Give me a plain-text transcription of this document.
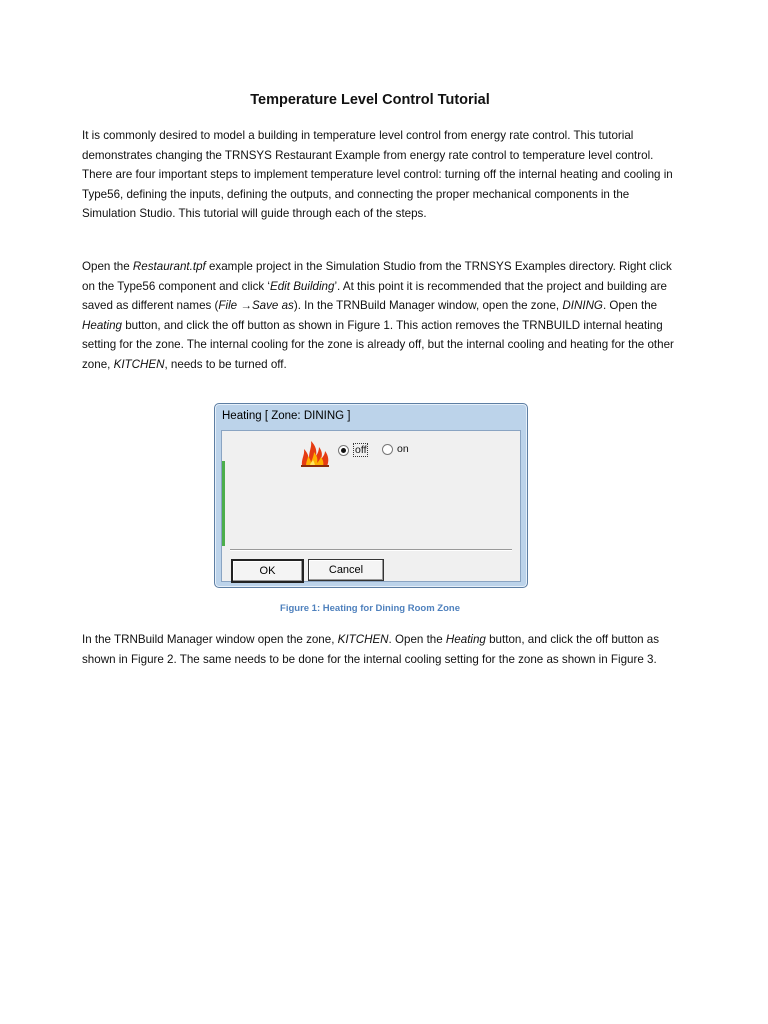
Temperature Level Control Tutorial
It is commonly desired to model a building in temperature level control from energy rate control. This tutorial demonstrates changing the TRNSYS Restaurant Example from energy rate control to temperature level control. There are four important steps to implement temperature level control: turning off the internal heating and cooling in Type56, defining the inputs, defining the outputs, and connecting the proper mechanical components in the Simulation Studio. This tutorial will guide through each of the steps.
Open the Restaurant.tpf example project in the Simulation Studio from the TRNSYS Examples directory. Right click on the Type56 component and click ‘Edit Building’. At this point it is recommended that the project and building are saved as different names (File →Save as). In the TRNBuild Manager window, open the zone, DINING. Open the Heating button, and click the off button as shown in Figure 1. This action removes the TRNBUILD internal heating setting for the zone. The internal cooling for the zone is already off, but the internal cooling and heating for the other zone, KITCHEN, needs to be turned off.
Heating [ Zone: DINING ]
off	on
OK	Cancel
Figure 1: Heating for Dining Room Zone
In the TRNBuild Manager window open the zone, KITCHEN. Open the Heating button, and click the off button as shown in Figure 2. The same needs to be done for the internal cooling setting for the zone as shown in Figure 3.
